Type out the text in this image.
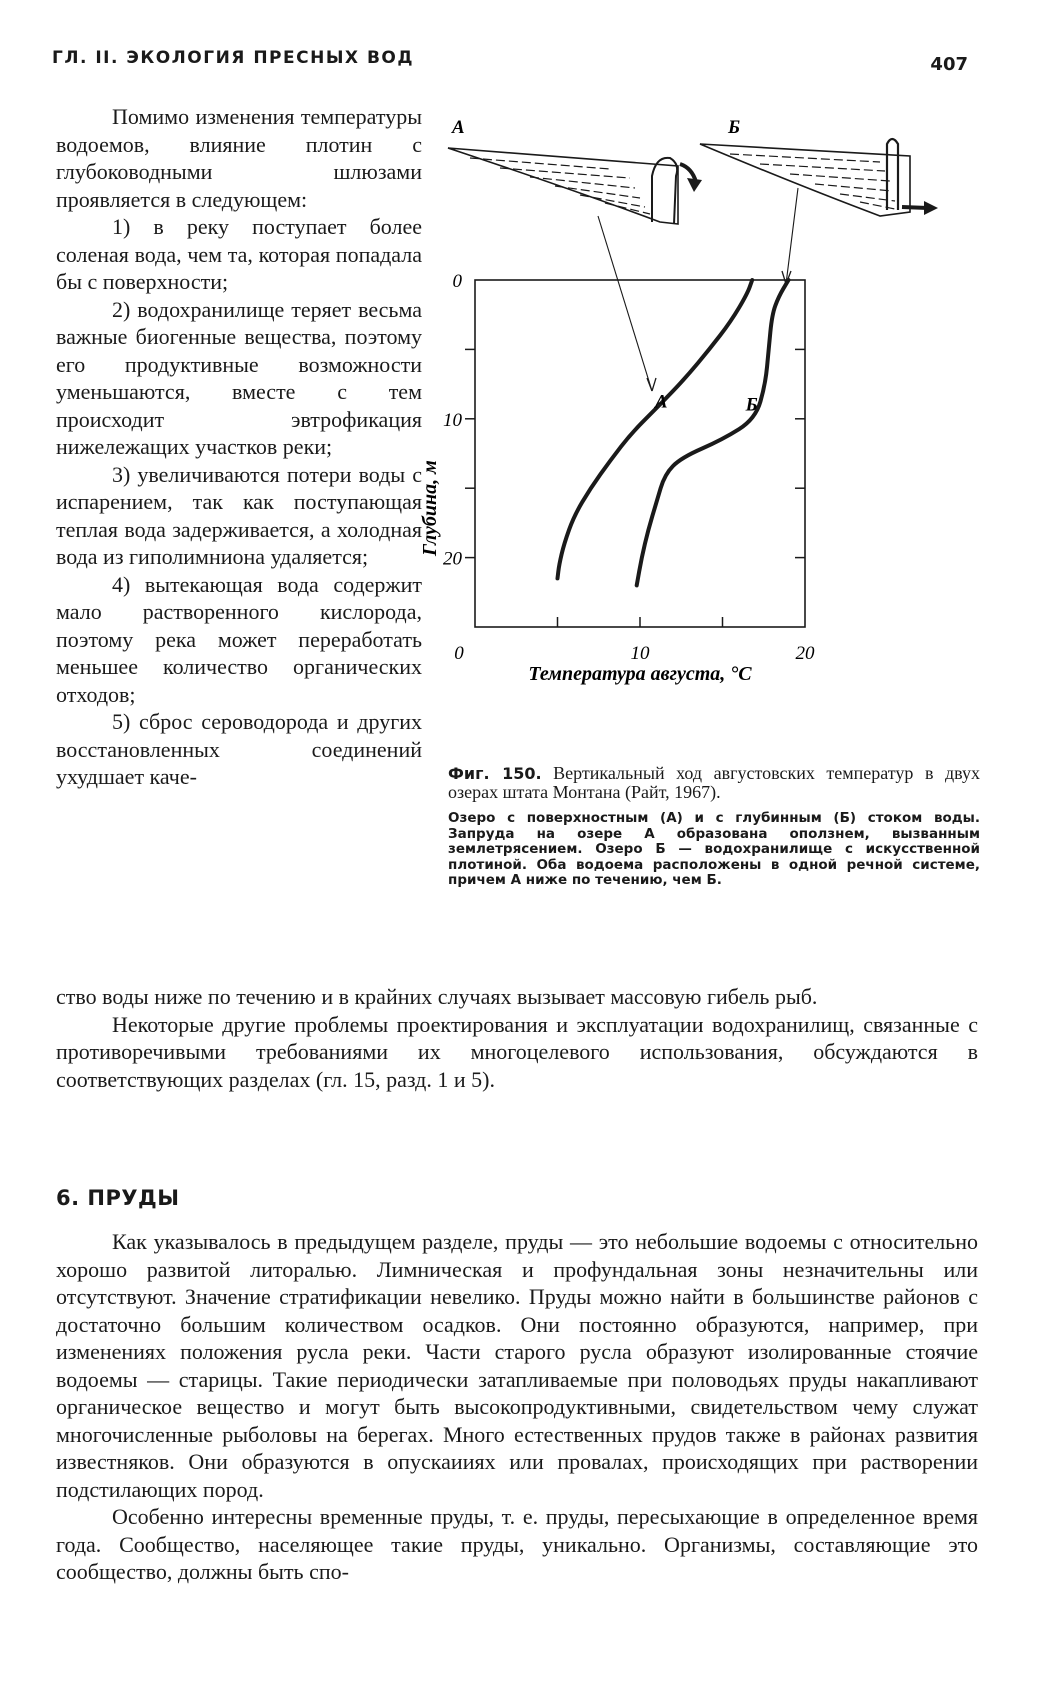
ГЛ. II. ЭКОЛОГИЯ ПРЕСНЫХ ВОД	407

Помимо изменения температуры водоемов, влияние плотин с глубоководными шлюзами проявляется в следующем:

1) в реку поступает более соленая вода, чем та, которая попадала бы с поверхности;

2) водохранилище теряет весьма важные биогенные вещества, поэтому его продуктивные возможности уменьшаются, вместе с тем происходит эвтрофикация нижележащих участков реки;

3) увеличиваются потери воды с испарением, так как поступающая теплая вода задерживается, а холодная вода из гиполимниона удаляется;

4) вытекающая вода содержит мало растворенного кислорода, поэтому река может переработать меньшее количество органических отходов;

5) сброс сероводорода и других восстановленных соединений ухудшает каче-

А	Б
0
10
20
0	10	20
А	Б
Глубина, м
Температура августа, °C

Фиг. 150. Вертикальный ход августовских температур в двух озерах штата Монтана (Райт, 1967).

Озеро с поверхностным (А) и с глубинным (Б) стоком воды. Запруда на озере А образована оползнем, вызванным землетрясением. Озеро Б — водохранилище с искусственной плотиной. Оба водоема расположены в одной речной системе, причем А ниже по течению, чем Б.

ство воды ниже по течению и в крайних случаях вызывает массовую гибель рыб.

Некоторые другие проблемы проектирования и эксплуатации водохранилищ, связанные с противоречивыми требованиями их многоцелевого использования, обсуждаются в соответствующих разделах (гл. 15, разд. 1 и 5).

6. ПРУДЫ

Как указывалось в предыдущем разделе, пруды — это небольшие водоемы с относительно хорошо развитой литоралью. Лимническая и профундальная зоны незначительны или отсутствуют. Значение стратификации невелико. Пруды можно найти в большинстве районов с достаточно большим количеством осадков. Они постоянно образуются, например, при изменениях положения русла реки. Части старого русла образуют изолированные стоячие водоемы — старицы. Такие периодически затапливаемые при половодьях пруды накапливают органическое вещество и могут быть высокопродуктивными, свидетельством чему служат многочисленные рыболовы на берегах. Много естественных прудов также в районах развития известняков. Они образуются в опускаииях или провалах, происходящих при растворении подстилающих пород.

Особенно интересны временные пруды, т. е. пруды, пересыхающие в определенное время года. Сообщество, населяющее такие пруды, уникально. Организмы, составляющие это сообщество, должны быть спо-
